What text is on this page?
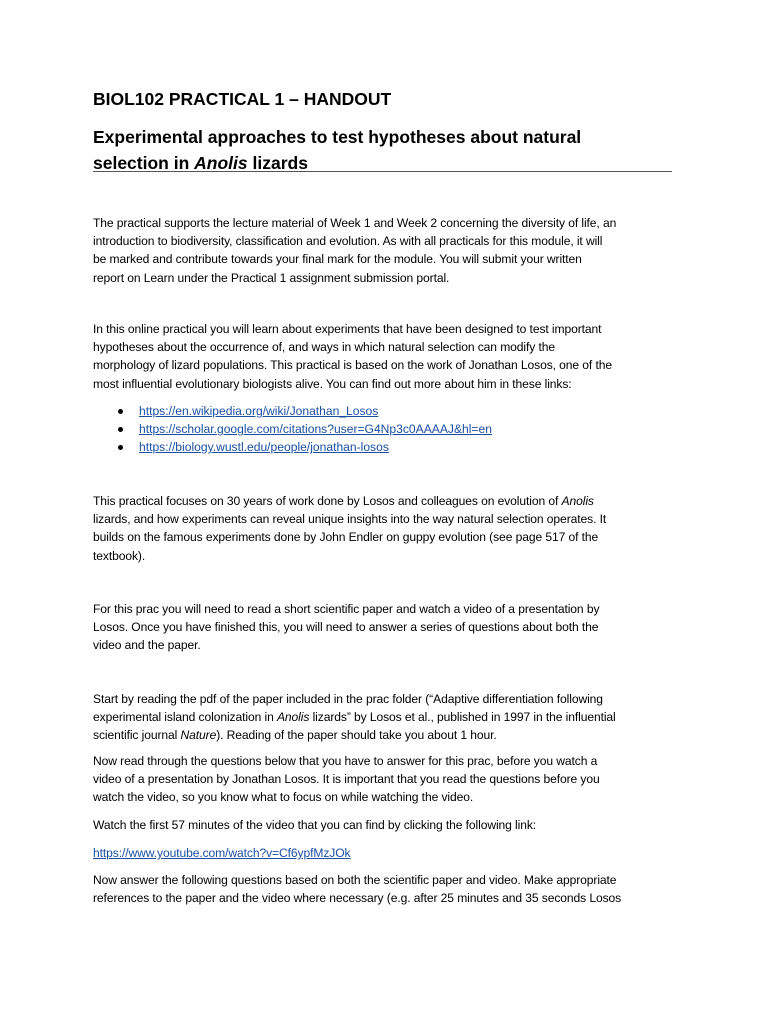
BIOL102 PRACTICAL 1 – HANDOUT
Experimental approaches to test hypotheses about natural
selection in Anolis lizards
The practical supports the lecture material of Week 1 and Week 2 concerning the diversity of life, an
introduction to biodiversity, classification and evolution. As with all practicals for this module, it will
be marked and contribute towards your final mark for the module. You will submit your written
report on Learn under the Practical 1 assignment submission portal.
In this online practical you will learn about experiments that have been designed to test important
hypotheses about the occurrence of, and ways in which natural selection can modify the
morphology of lizard populations. This practical is based on the work of Jonathan Losos, one of the
most influential evolutionary biologists alive. You can find out more about him in these links:
https://en.wikipedia.org/wiki/Jonathan_Losos
https://scholar.google.com/citations?user=G4Np3c0AAAAJ&hl=en
https://biology.wustl.edu/people/jonathan-losos
This practical focuses on 30 years of work done by Losos and colleagues on evolution of Anolis
lizards, and how experiments can reveal unique insights into the way natural selection operates. It
builds on the famous experiments done by John Endler on guppy evolution (see page 517 of the
textbook).
For this prac you will need to read a short scientific paper and watch a video of a presentation by
Losos. Once you have finished this, you will need to answer a series of questions about both the
video and the paper.
Start by reading the pdf of the paper included in the prac folder (“Adaptive differentiation following
experimental island colonization in Anolis lizards” by Losos et al., published in 1997 in the influential
scientific journal Nature). Reading of the paper should take you about 1 hour.
Now read through the questions below that you have to answer for this prac, before you watch a
video of a presentation by Jonathan Losos. It is important that you read the questions before you
watch the video, so you know what to focus on while watching the video.
Watch the first 57 minutes of the video that you can find by clicking the following link:
https://www.youtube.com/watch?v=Cf6ypfMzJOk
Now answer the following questions based on both the scientific paper and video. Make appropriate
references to the paper and the video where necessary (e.g. after 25 minutes and 35 seconds Losos
